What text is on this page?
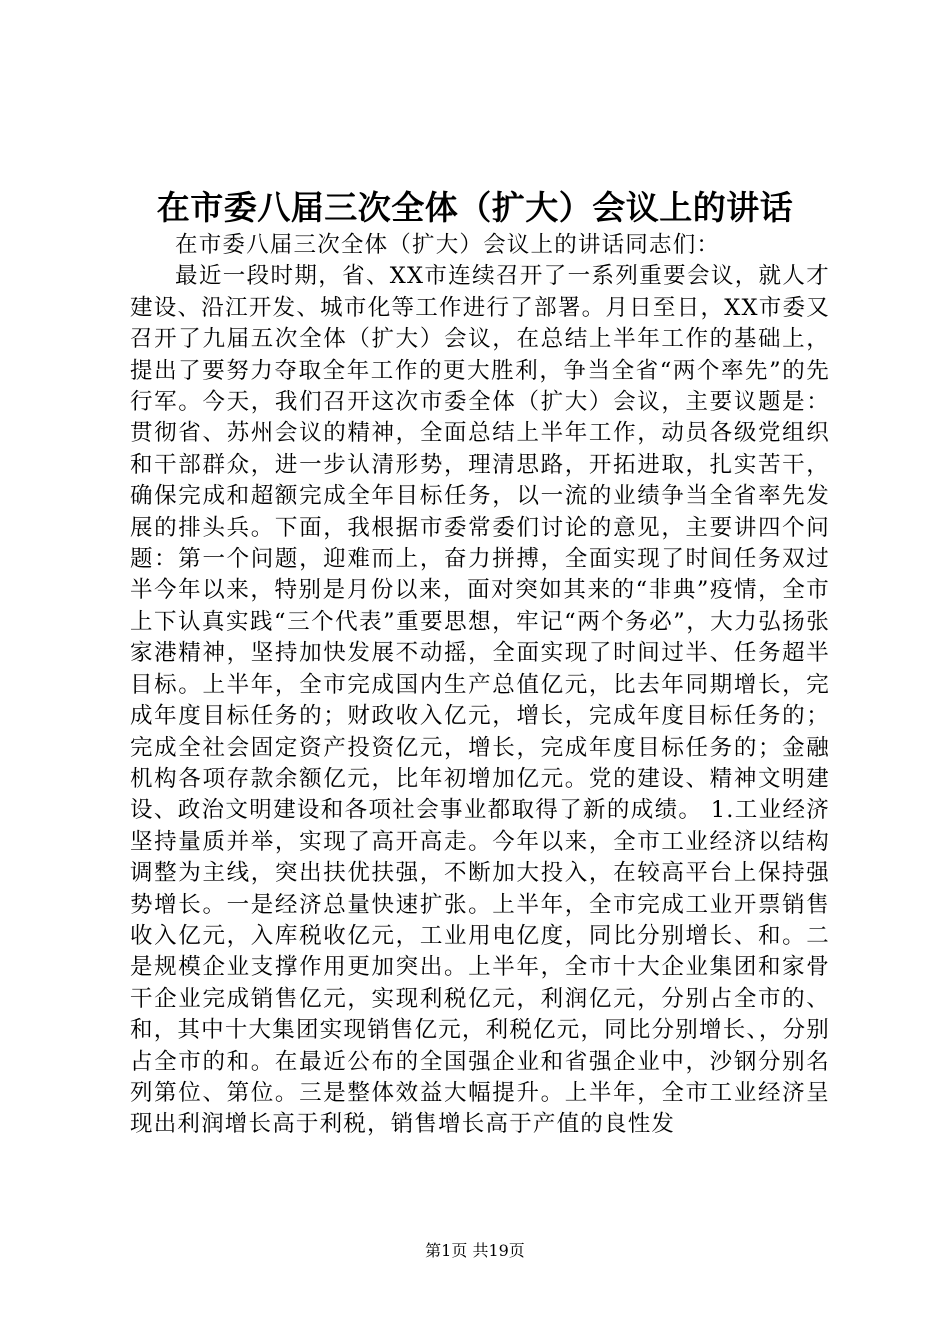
在市委八届三次全体（扩大）会议上的讲话

在市委八届三次全体（扩大）会议上的讲话同志们：

最近一段时期，省、XX市连续召开了一系列重要会议，就人才建设、沿江开发、城市化等工作进行了部署。月日至日，XX市委又召开了九届五次全体（扩大）会议，在总结上半年工作的基础上，提出了要努力夺取全年工作的更大胜利，争当全省“两个率先”的先行军。今天，我们召开这次市委全体（扩大）会议，主要议题是：贯彻省、苏州会议的精神，全面总结上半年工作，动员各级党组织和干部群众，进一步认清形势，理清思路，开拓进取，扎实苦干，确保完成和超额完成全年目标任务，以一流的业绩争当全省率先发展的排头兵。下面，我根据市委常委们讨论的意见，主要讲四个问题：第一个问题，迎难而上，奋力拼搏，全面实现了时间任务双过半今年以来，特别是月份以来，面对突如其来的“非典”疫情，全市上下认真实践“三个代表”重要思想，牢记“两个务必”，大力弘扬张家港精神，坚持加快发展不动摇，全面实现了时间过半、任务超半目标。上半年，全市完成国内生产总值亿元，比去年同期增长，完成年度目标任务的；财政收入亿元，增长，完成年度目标任务的；完成全社会固定资产投资亿元，增长，完成年度目标任务的；金融机构各项存款余额亿元，比年初增加亿元。党的建设、精神文明建设、政治文明建设和各项社会事业都取得了新的成绩。 1.工业经济坚持量质并举，实现了高开高走。今年以来，全市工业经济以结构调整为主线，突出扶优扶强，不断加大投入，在较高平台上保持强势增长。一是经济总量快速扩张。上半年，全市完成工业开票销售收入亿元，入库税收亿元，工业用电亿度，同比分别增长、和。二是规模企业支撑作用更加突出。上半年，全市十大企业集团和家骨干企业完成销售亿元，实现利税亿元，利润亿元，分别占全市的、和，其中十大集团实现销售亿元，利税亿元，同比分别增长、，分别占全市的和。在最近公布的全国强企业和省强企业中，沙钢分别名列第位、第位。三是整体效益大幅提升。上半年，全市工业经济呈现出利润增长高于利税，销售增长高于产值的良性发

第1页 共19页
